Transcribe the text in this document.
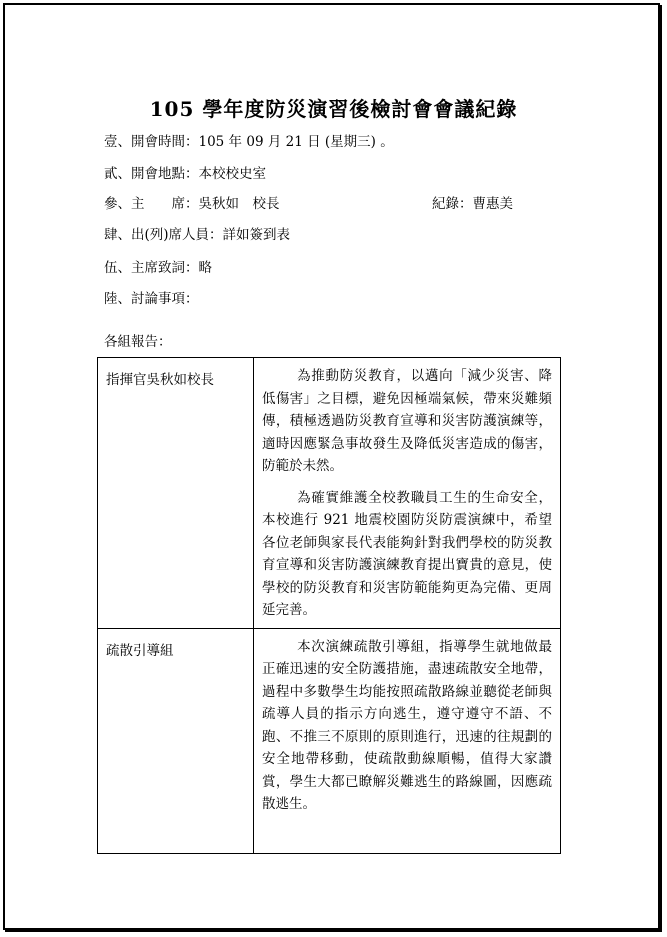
105 學年度防災演習後檢討會會議紀錄
壹、開會時間：105 年 09 月 21 日 (星期三) 。
貳、開會地點：本校校史室
參、主　　席：吳秋如　校長	紀錄：曹惠美
肆、出(列)席人員：詳如簽到表
伍、主席致詞：略
陸、討論事項：
各組報告：
指揮官吳秋如校長	為推動防災教育，以邁向「減少災害、降低傷害」之目標，避免因極端氣候，帶來災難頻傳，積極透過防災教育宣導和災害防護演練等，適時因應緊急事故發生及降低災害造成的傷害，防範於未然。

為確實維護全校教職員工生的生命安全，本校進行 921 地震校園防災防震演練中，希望各位老師與家長代表能夠針對我們學校的防災教育宣導和災害防護演練教育提出寶貴的意見，使學校的防災教育和災害防範能夠更為完備、更周延完善。

疏散引導組	本次演練疏散引導組，指導學生就地做最正確迅速的安全防護措施，盡速疏散安全地帶，過程中多數學生均能按照疏散路線並聽從老師與疏導人員的指示方向逃生，遵守遵守不語、不跑、不推三不原則的原則進行，迅速的往規劃的安全地帶移動，使疏散動線順暢，值得大家讚賞，學生大都已瞭解災難逃生的路線圖，因應疏散逃生。
